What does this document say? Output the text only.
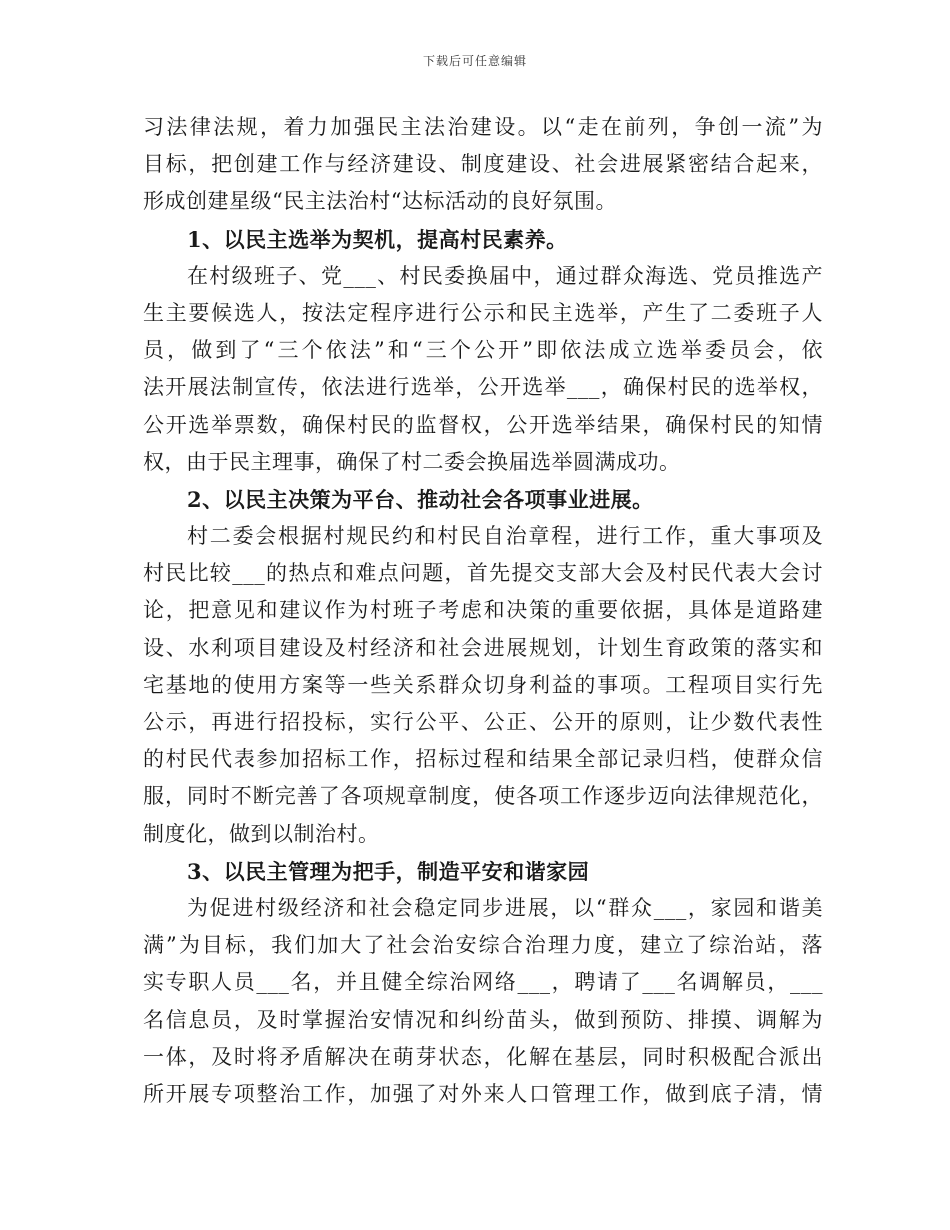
下载后可任意编辑
习法律法规，着力加强民主法治建设。以“走在前列，争创一流”为
目标，把创建工作与经济建设、制度建设、社会进展紧密结合起来，
形成创建星级“民主法治村“达标活动的良好氛围。
1、以民主选举为契机，提高村民素养。
在村级班子、党___、村民委换届中，通过群众海选、党员推选产
生主要候选人，按法定程序进行公示和民主选举，产生了二委班子人
员，做到了“三个依法”和“三个公开”即依法成立选举委员会，依
法开展法制宣传，依法进行选举，公开选举___，确保村民的选举权，
公开选举票数，确保村民的监督权，公开选举结果，确保村民的知情
权，由于民主理事，确保了村二委会换届选举圆满成功。
2、以民主决策为平台、推动社会各项事业进展。
村二委会根据村规民约和村民自治章程，进行工作，重大事项及
村民比较___的热点和难点问题，首先提交支部大会及村民代表大会讨
论，把意见和建议作为村班子考虑和决策的重要依据，具体是道路建
设、水利项目建设及村经济和社会进展规划，计划生育政策的落实和
宅基地的使用方案等一些关系群众切身利益的事项。工程项目实行先
公示，再进行招投标，实行公平、公正、公开的原则，让少数代表性
的村民代表参加招标工作，招标过程和结果全部记录归档，使群众信
服，同时不断完善了各项规章制度，使各项工作逐步迈向法律规范化，
制度化，做到以制治村。
3、以民主管理为把手，制造平安和谐家园
为促进村级经济和社会稳定同步进展，以“群众___，家园和谐美
满”为目标，我们加大了社会治安综合治理力度，建立了综治站，落
实专职人员___名，并且健全综治网络___，聘请了___名调解员，___
名信息员，及时掌握治安情况和纠纷苗头，做到预防、排摸、调解为
一体，及时将矛盾解决在萌芽状态，化解在基层，同时积极配合派出
所开展专项整治工作，加强了对外来人口管理工作，做到底子清，情
